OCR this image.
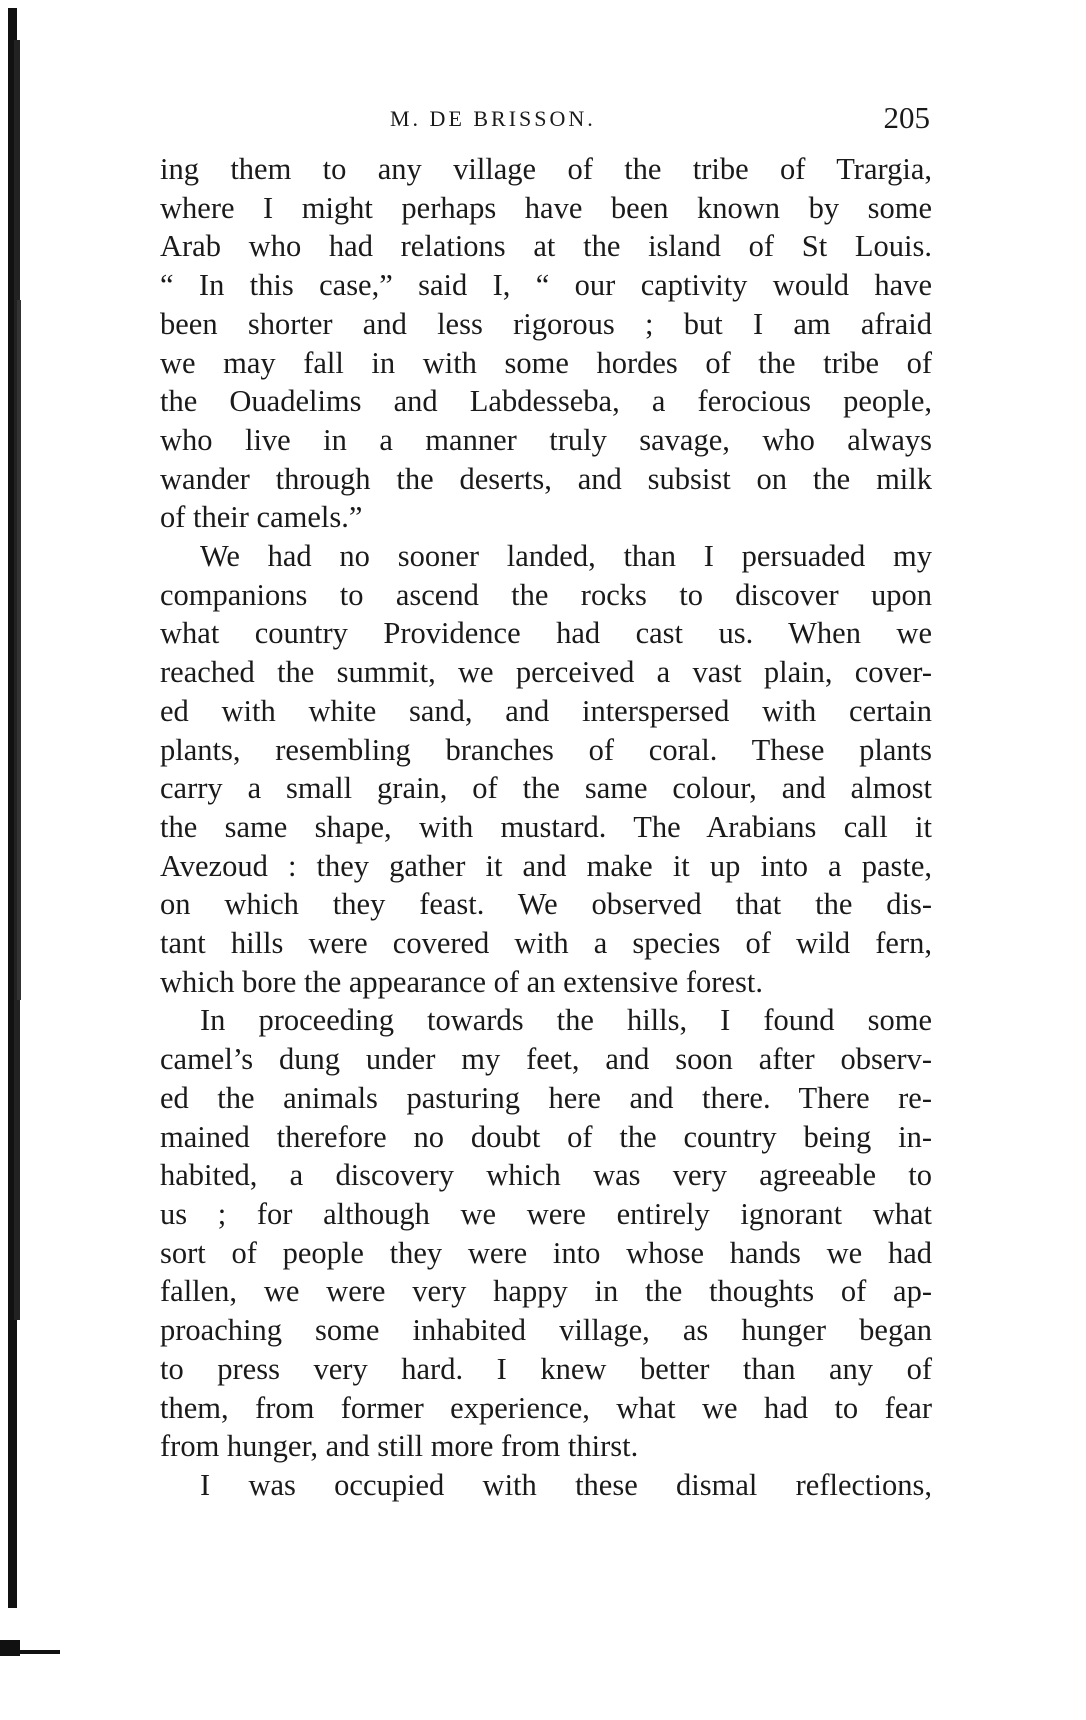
M. DE BRISSON.	205
ing them to any village of the tribe of Trargia,
where I might perhaps have been known by some
Arab who had relations at the island of St Louis.
“ In this case,” said I, “ our captivity would have
been shorter and less rigorous ; but I am afraid
we may fall in with some hordes of the tribe of
the Ouadelims and Labdesseba, a ferocious people,
who live in a manner truly savage, who always
wander through the deserts, and subsist on the milk
of their camels.”
We had no sooner landed, than I persuaded my
companions to ascend the rocks to discover upon
what country Providence had cast us. When we
reached the summit, we perceived a vast plain, cover-
ed with white sand, and interspersed with certain
plants, resembling branches of coral. These plants
carry a small grain, of the same colour, and almost
the same shape, with mustard. The Arabians call it
Avezoud : they gather it and make it up into a paste,
on which they feast. We observed that the dis-
tant hills were covered with a species of wild fern,
which bore the appearance of an extensive forest.
In proceeding towards the hills, I found some
camel’s dung under my feet, and soon after observ-
ed the animals pasturing here and there. There re-
mained therefore no doubt of the country being in-
habited, a discovery which was very agreeable to
us ; for although we were entirely ignorant what
sort of people they were into whose hands we had
fallen, we were very happy in the thoughts of ap-
proaching some inhabited village, as hunger began
to press very hard. I knew better than any of
them, from former experience, what we had to fear
from hunger, and still more from thirst.
I was occupied with these dismal reflections,
